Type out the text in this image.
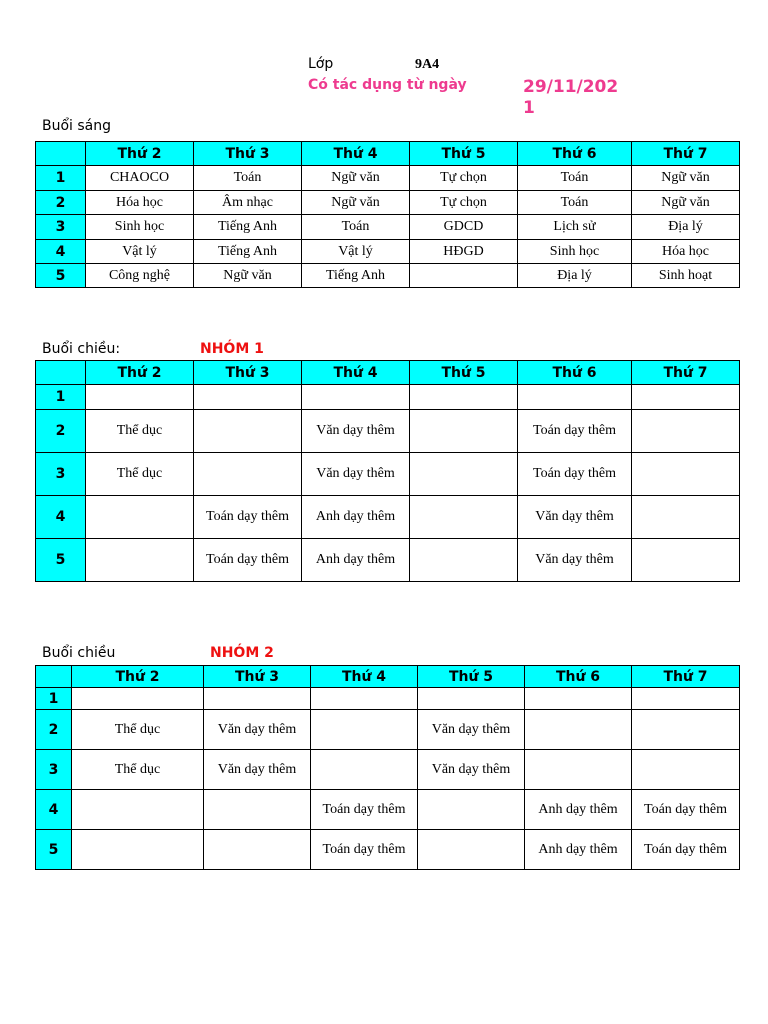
Lớp	9A4
Có tác dụng từ ngày	29/11/202
1
Buổi sáng
	Thứ 2	Thứ 3	Thứ 4	Thứ 5	Thứ 6	Thứ 7
1	CHAOCO	Toán	Ngữ văn	Tự chọn	Toán	Ngữ văn
2	Hóa học	Âm nhạc	Ngữ văn	Tự chọn	Toán	Ngữ văn
3	Sinh học	Tiếng Anh	Toán	GDCD	Lịch sử	Địa lý
4	Vật lý	Tiếng Anh	Vật lý	HĐGD	Sinh học	Hóa học
5	Công nghệ	Ngữ văn	Tiếng Anh		Địa lý	Sinh hoạt
Buổi chiều:	NHÓM 1
	Thứ 2	Thứ 3	Thứ 4	Thứ 5	Thứ 6	Thứ 7
1						
2	Thể dục		Văn dạy thêm		Toán dạy thêm	
3	Thể dục		Văn dạy thêm		Toán dạy thêm	
4		Toán dạy thêm	Anh dạy thêm		Văn dạy thêm	
5		Toán dạy thêm	Anh dạy thêm		Văn dạy thêm	
Buổi chiều	NHÓM 2
	Thứ 2	Thứ 3	Thứ 4	Thứ 5	Thứ 6	Thứ 7
1						
2	Thể dục	Văn dạy thêm		Văn dạy thêm		
3	Thể dục	Văn dạy thêm		Văn dạy thêm		
4			Toán dạy thêm		Anh dạy thêm	Toán dạy thêm
5			Toán dạy thêm		Anh dạy thêm	Toán dạy thêm
